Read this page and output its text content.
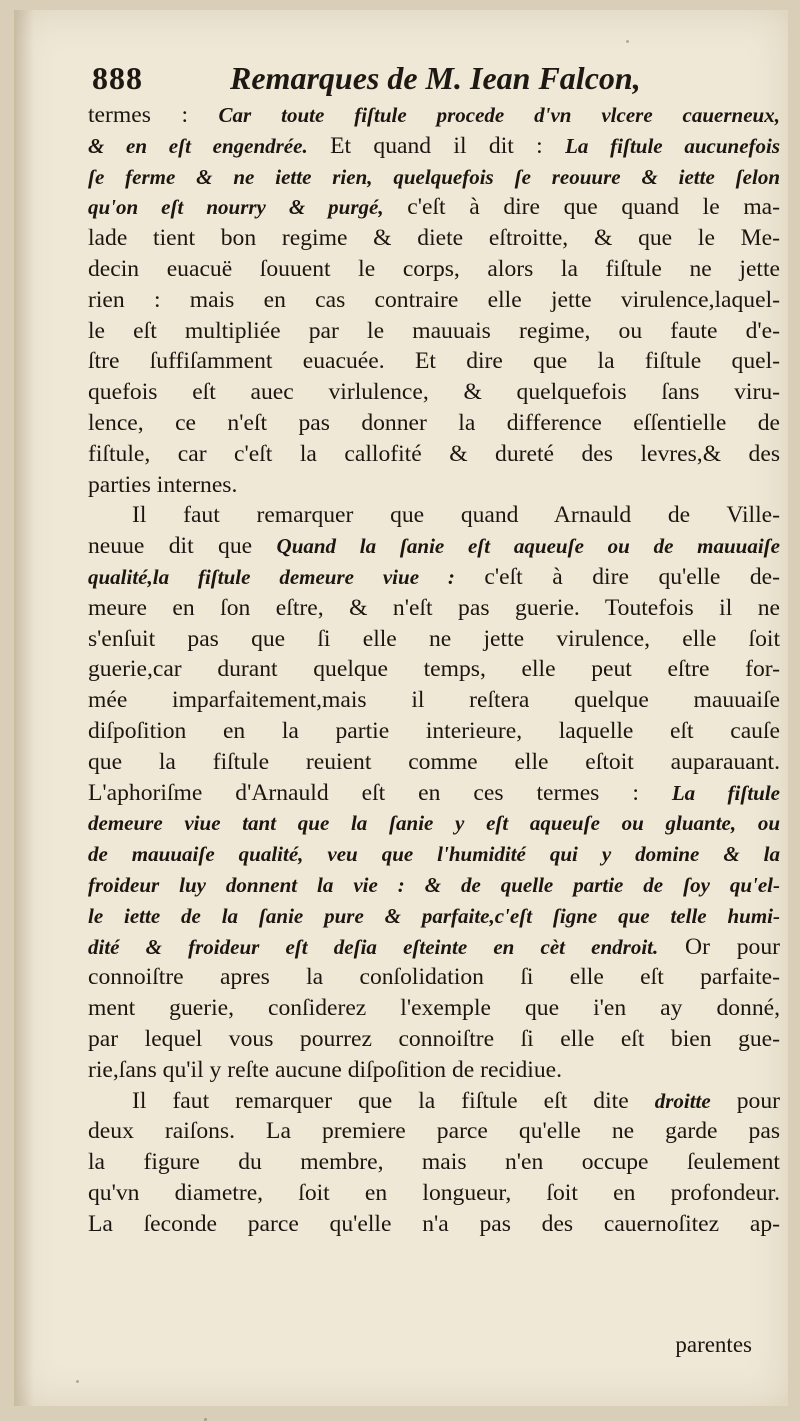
888	Remarques de M. Iean Falcon,
termes : Car toute fiſtule procede d'vn vlcere cauerneux,
& en eſt engendrée. Et quand il dit : La fiſtule aucunefois
ſe ferme & ne iette rien, quelquefois ſe reouure & iette ſelon
qu'on eſt nourry & purgé, c'eſt à dire que quand le ma-
lade tient bon regime & diete eſtroitte, & que le Me-
decin euacuë ſouuent le corps, alors la fiſtule ne jette
rien : mais en cas contraire elle jette virulence,laquel-
le eſt multipliée par le mauuais regime, ou faute d'e-
ſtre ſuffiſamment euacuée. Et dire que la fiſtule quel-
quefois eſt auec virlulence, & quelquefois ſans viru-
lence, ce n'eſt pas donner la difference eſſentielle de
fiſtule, car c'eſt la callofité & dureté des levres,& des
parties internes.
Il faut remarquer que quand Arnauld de Ville-
neuue dit que Quand la ſanie eſt aqueuſe ou de mauuaiſe
qualité,la fiſtule demeure viue : c'eſt à dire qu'elle de-
meure en ſon eſtre, & n'eſt pas guerie. Toutefois il ne
s'enſuit pas que ſi elle ne jette virulence, elle ſoit
guerie,car durant quelque temps, elle peut eſtre for-
mée imparfaitement,mais il reſtera quelque mauuaiſe
diſpoſition en la partie interieure, laquelle eſt cauſe
que la fiſtule reuient comme elle eſtoit auparauant.
L'aphoriſme d'Arnauld eſt en ces termes : La fiſtule
demeure viue tant que la ſanie y eſt aqueuſe ou gluante, ou
de mauuaiſe qualité, veu que l'humidité qui y domine & la
froideur luy donnent la vie : & de quelle partie de ſoy qu'el-
le iette de la ſanie pure & parfaite,c'eſt ſigne que telle humi-
dité & froideur eſt deſia eſteinte en cèt endroit. Or pour
connoiſtre apres la conſolidation ſi elle eſt parfaite-
ment guerie, conſiderez l'exemple que i'en ay donné,
par lequel vous pourrez connoiſtre ſi elle eſt bien gue-
rie,ſans qu'il y reſte aucune diſpoſition de recidiue.
Il faut remarquer que la fiſtule eſt dite droitte pour
deux raiſons. La premiere parce qu'elle ne garde pas
la figure du membre, mais n'en occupe ſeulement
qu'vn diametre, ſoit en longueur, ſoit en profondeur.
La ſeconde parce qu'elle n'a pas des cauernoſitez ap-
parentes
